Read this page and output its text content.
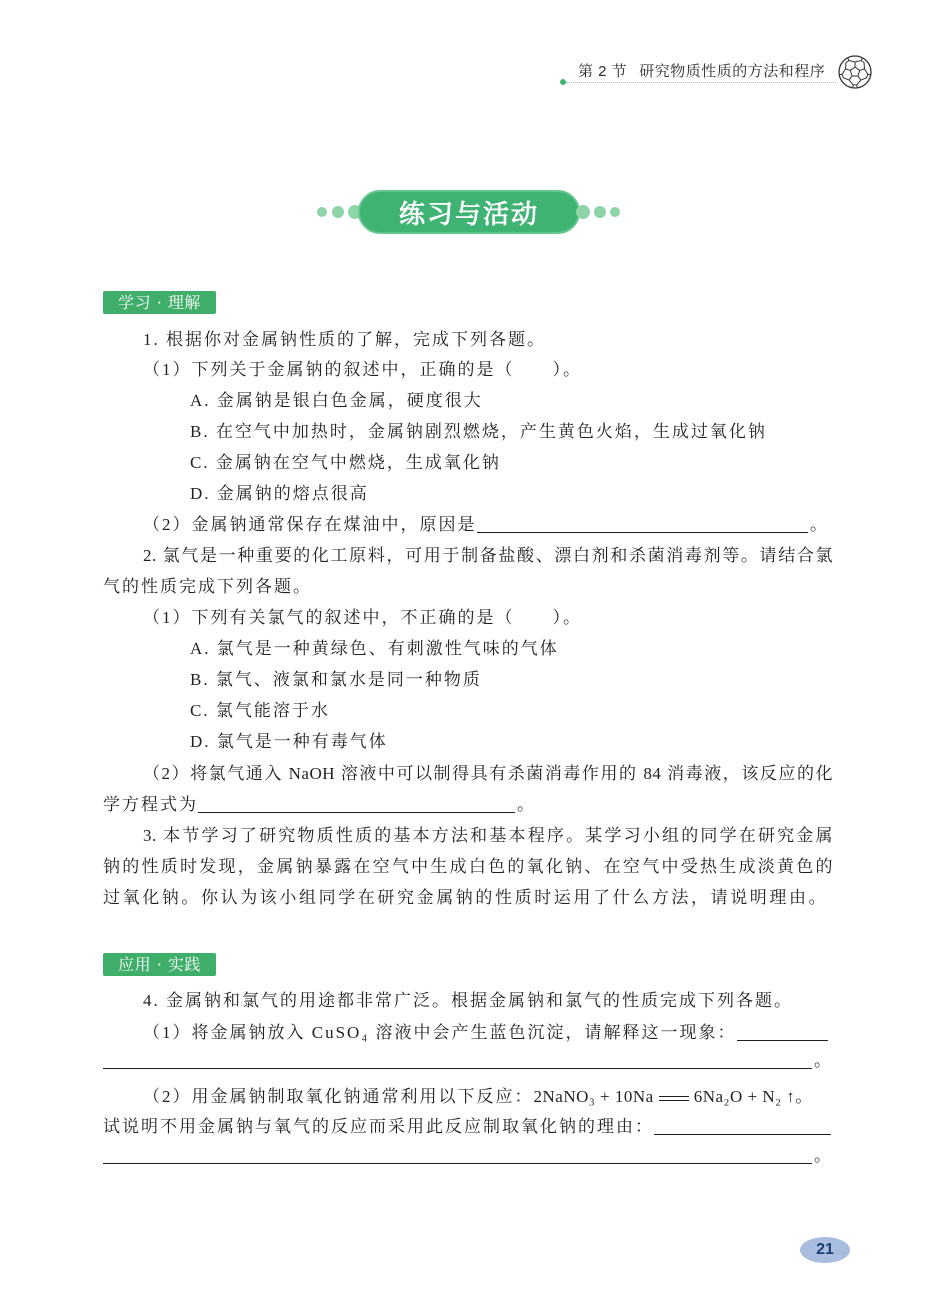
第 2 节 研究物质性质的方法和程序
练习与活动
学习 · 理解
1. 根据你对金属钠性质的了解，完成下列各题。
（1）下列关于金属钠的叙述中，正确的是（　　）。
A. 金属钠是银白色金属，硬度很大
B. 在空气中加热时，金属钠剧烈燃烧，产生黄色火焰，生成过氧化钠
C. 金属钠在空气中燃烧，生成氧化钠
D. 金属钠的熔点很高
（2）金属钠通常保存在煤油中，原因是	。
2. 氯气是一种重要的化工原料，可用于制备盐酸、漂白剂和杀菌消毒剂等。请结合氯
气的性质完成下列各题。
（1）下列有关氯气的叙述中，不正确的是（　　）。
A. 氯气是一种黄绿色、有刺激性气味的气体
B. 氯气、液氯和氯水是同一种物质
C. 氯气能溶于水
D. 氯气是一种有毒气体
（2）将氯气通入 NaOH 溶液中可以制得具有杀菌消毒作用的 84 消毒液，该反应的化
学方程式为	。
3. 本节学习了研究物质性质的基本方法和基本程序。某学习小组的同学在研究金属
钠的性质时发现，金属钠暴露在空气中生成白色的氧化钠、在空气中受热生成淡黄色的
过氧化钠。你认为该小组同学在研究金属钠的性质时运用了什么方法，请说明理由。
应用 · 实践
4. 金属钠和氯气的用途都非常广泛。根据金属钠和氯气的性质完成下列各题。
（1）将金属钠放入 CuSO₄ 溶液中会产生蓝色沉淀，请解释这一现象：
。
（2）用金属钠制取氧化钠通常利用以下反应： 2NaNO₃ + 10Na 6Na₂O + N₂ ↑ 。
试说明不用金属钠与氧气的反应而采用此反应制取氧化钠的理由：
。
21
